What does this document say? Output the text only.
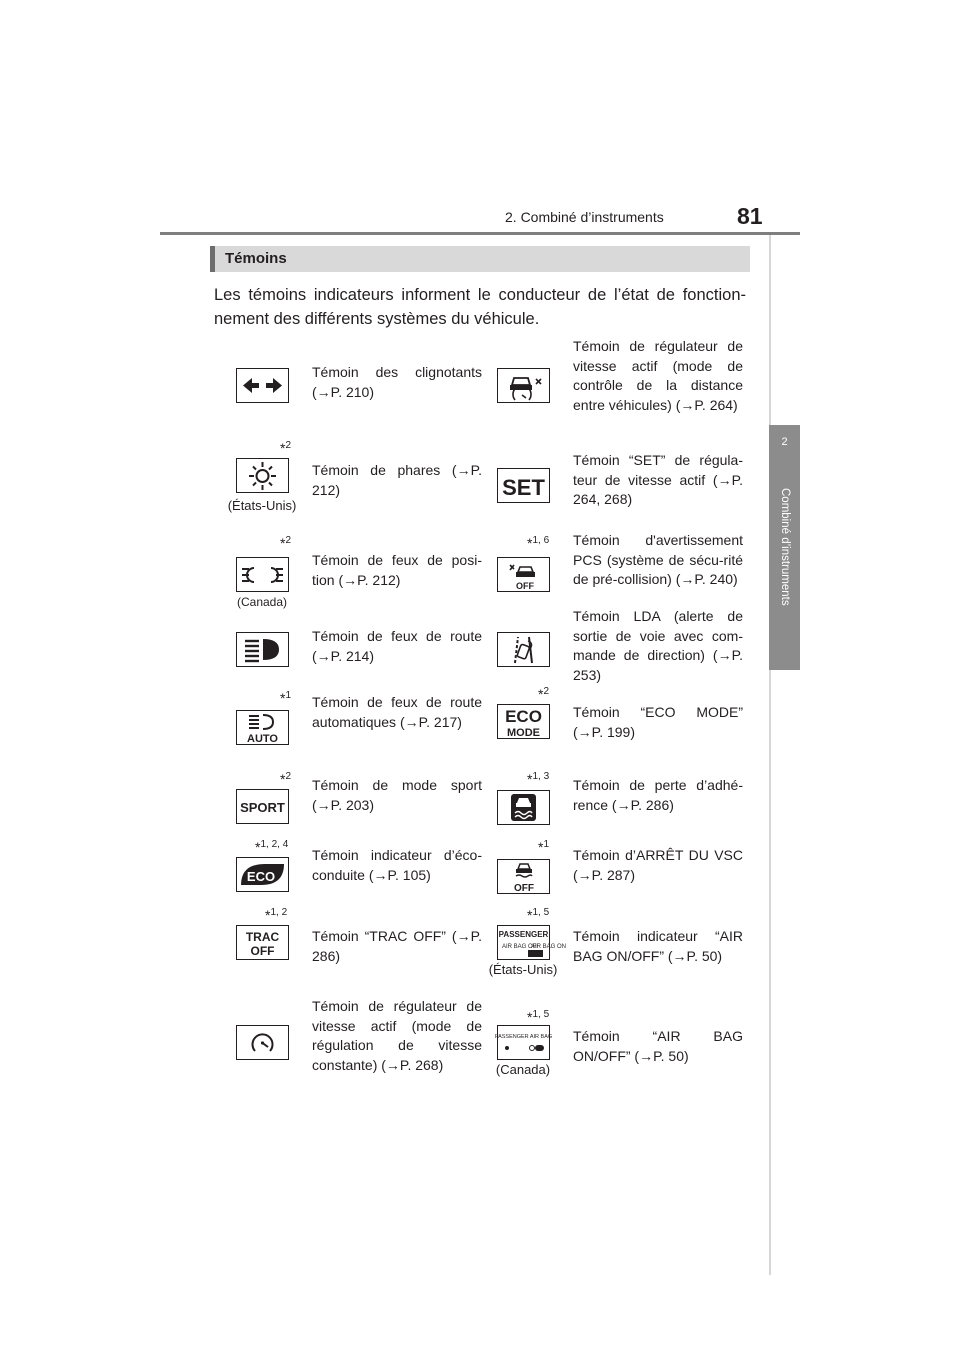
2. Combiné d’instruments	81
2
Combiné d’instruments
Témoins
Les témoins indicateurs informent le conducteur de l’état de fonction-nement des différents systèmes du véhicule.
Témoin des clignotants (→P. 210)
*$^2$
(États-Unis)
Témoin de phares (→P. 212)
*$^2$
(Canada)
Témoin de feux de posi-tion (→P. 212)
Témoin de feux de route (→P. 214)
*$^1$
AUTO
Témoin de feux de route automatiques (→P. 217)
*$^2$
SPORT
Témoin de mode sport (→P. 203)
*$^{1, 2, 4}$
ECO
Témoin indicateur d’éco-conduite (→P. 105)
*$^{1, 2}$
TRAC
OFF
Témoin “TRAC OFF” (→P. 286)
Témoin de régulateur de vitesse actif (mode de régulation de vitesse constante) (→P. 268)
Témoin de régulateur de vitesse actif (mode de contrôle de la distance entre véhicules) (→P. 264)
SET
Témoin “SET” de régula-teur de vitesse actif (→P. 264, 268)
*$^{1, 6}$
OFF
Témoin d'avertissement PCS (système de sécu-rité de pré-collision) (→P. 240)
Témoin LDA (alerte de sortie de voie avec com-mande de direction) (→P. 253)
*$^2$
ECO
MODE
Témoin “ECO MODE” (→P. 199)
*$^{1, 3}$
Témoin de perte d’adhé-rence (→P. 286)
*$^1$
OFF
Témoin d’ARRÊT DU VSC (→P. 287)
*$^{1, 5}$
PASSENGER
AIR BAG OFF
AIR BAG ON
(États-Unis)
Témoin indicateur “AIR BAG ON/OFF” (→P. 50)
*$^{1, 5}$
PASSENGER AIR BAG
(Canada)
Témoin “AIR BAG ON/OFF” (→P. 50)
